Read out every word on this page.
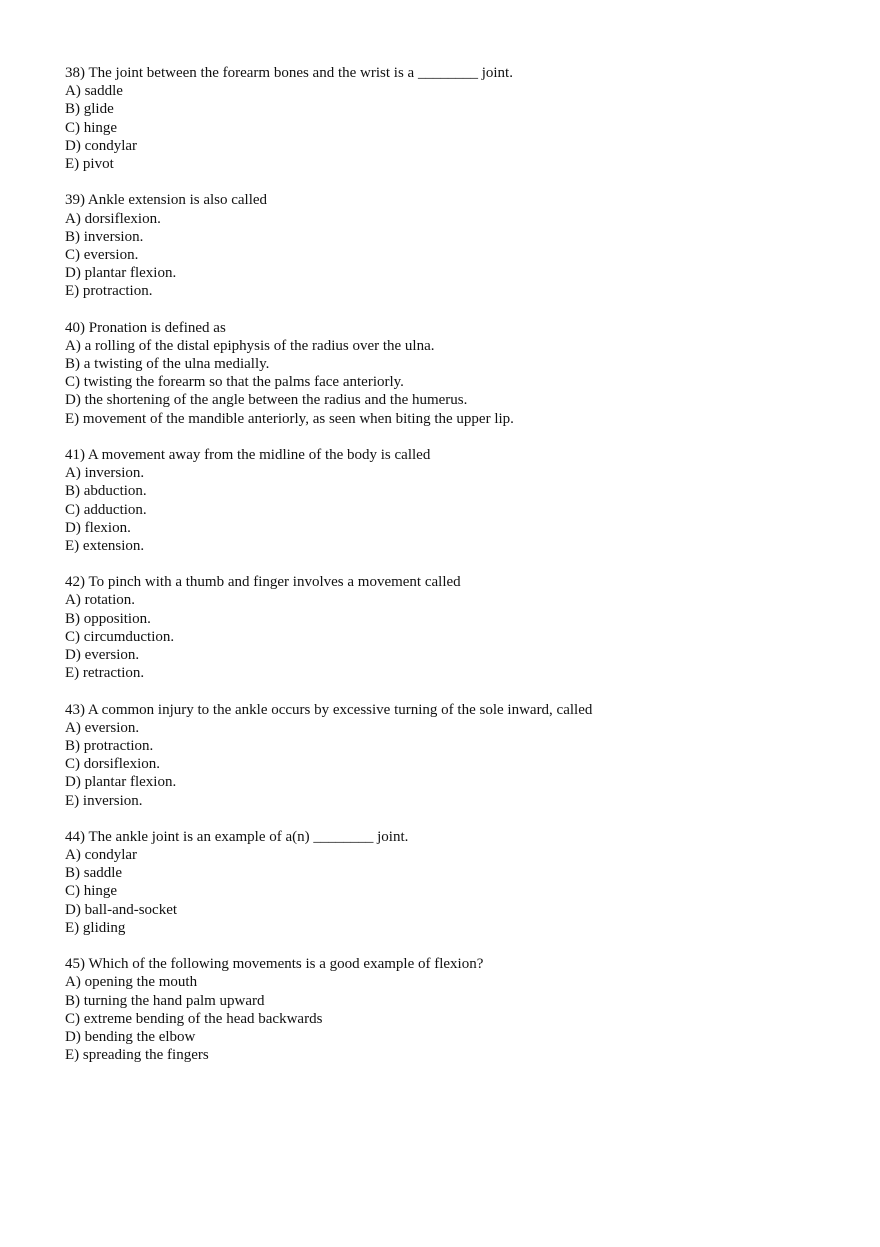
38) The joint between the forearm bones and the wrist is a ________ joint.
A) saddle
B) glide
C) hinge
D) condylar
E) pivot
39) Ankle extension is also called
A) dorsiflexion.
B) inversion.
C) eversion.
D) plantar flexion.
E) protraction.
40) Pronation is defined as
A) a rolling of the distal epiphysis of the radius over the ulna.
B) a twisting of the ulna medially.
C) twisting the forearm so that the palms face anteriorly.
D) the shortening of the angle between the radius and the humerus.
E) movement of the mandible anteriorly, as seen when biting the upper lip.
41) A movement away from the midline of the body is called
A) inversion.
B) abduction.
C) adduction.
D) flexion.
E) extension.
42) To pinch with a thumb and finger involves a movement called
A) rotation.
B) opposition.
C) circumduction.
D) eversion.
E) retraction.
43) A common injury to the ankle occurs by excessive turning of the sole inward, called
A) eversion.
B) protraction.
C) dorsiflexion.
D) plantar flexion.
E) inversion.
44) The ankle joint is an example of a(n) ________ joint.
A) condylar
B) saddle
C) hinge
D) ball-and-socket
E) gliding
45) Which of the following movements is a good example of flexion?
A) opening the mouth
B) turning the hand palm upward
C) extreme bending of the head backwards
D) bending the elbow
E) spreading the fingers
